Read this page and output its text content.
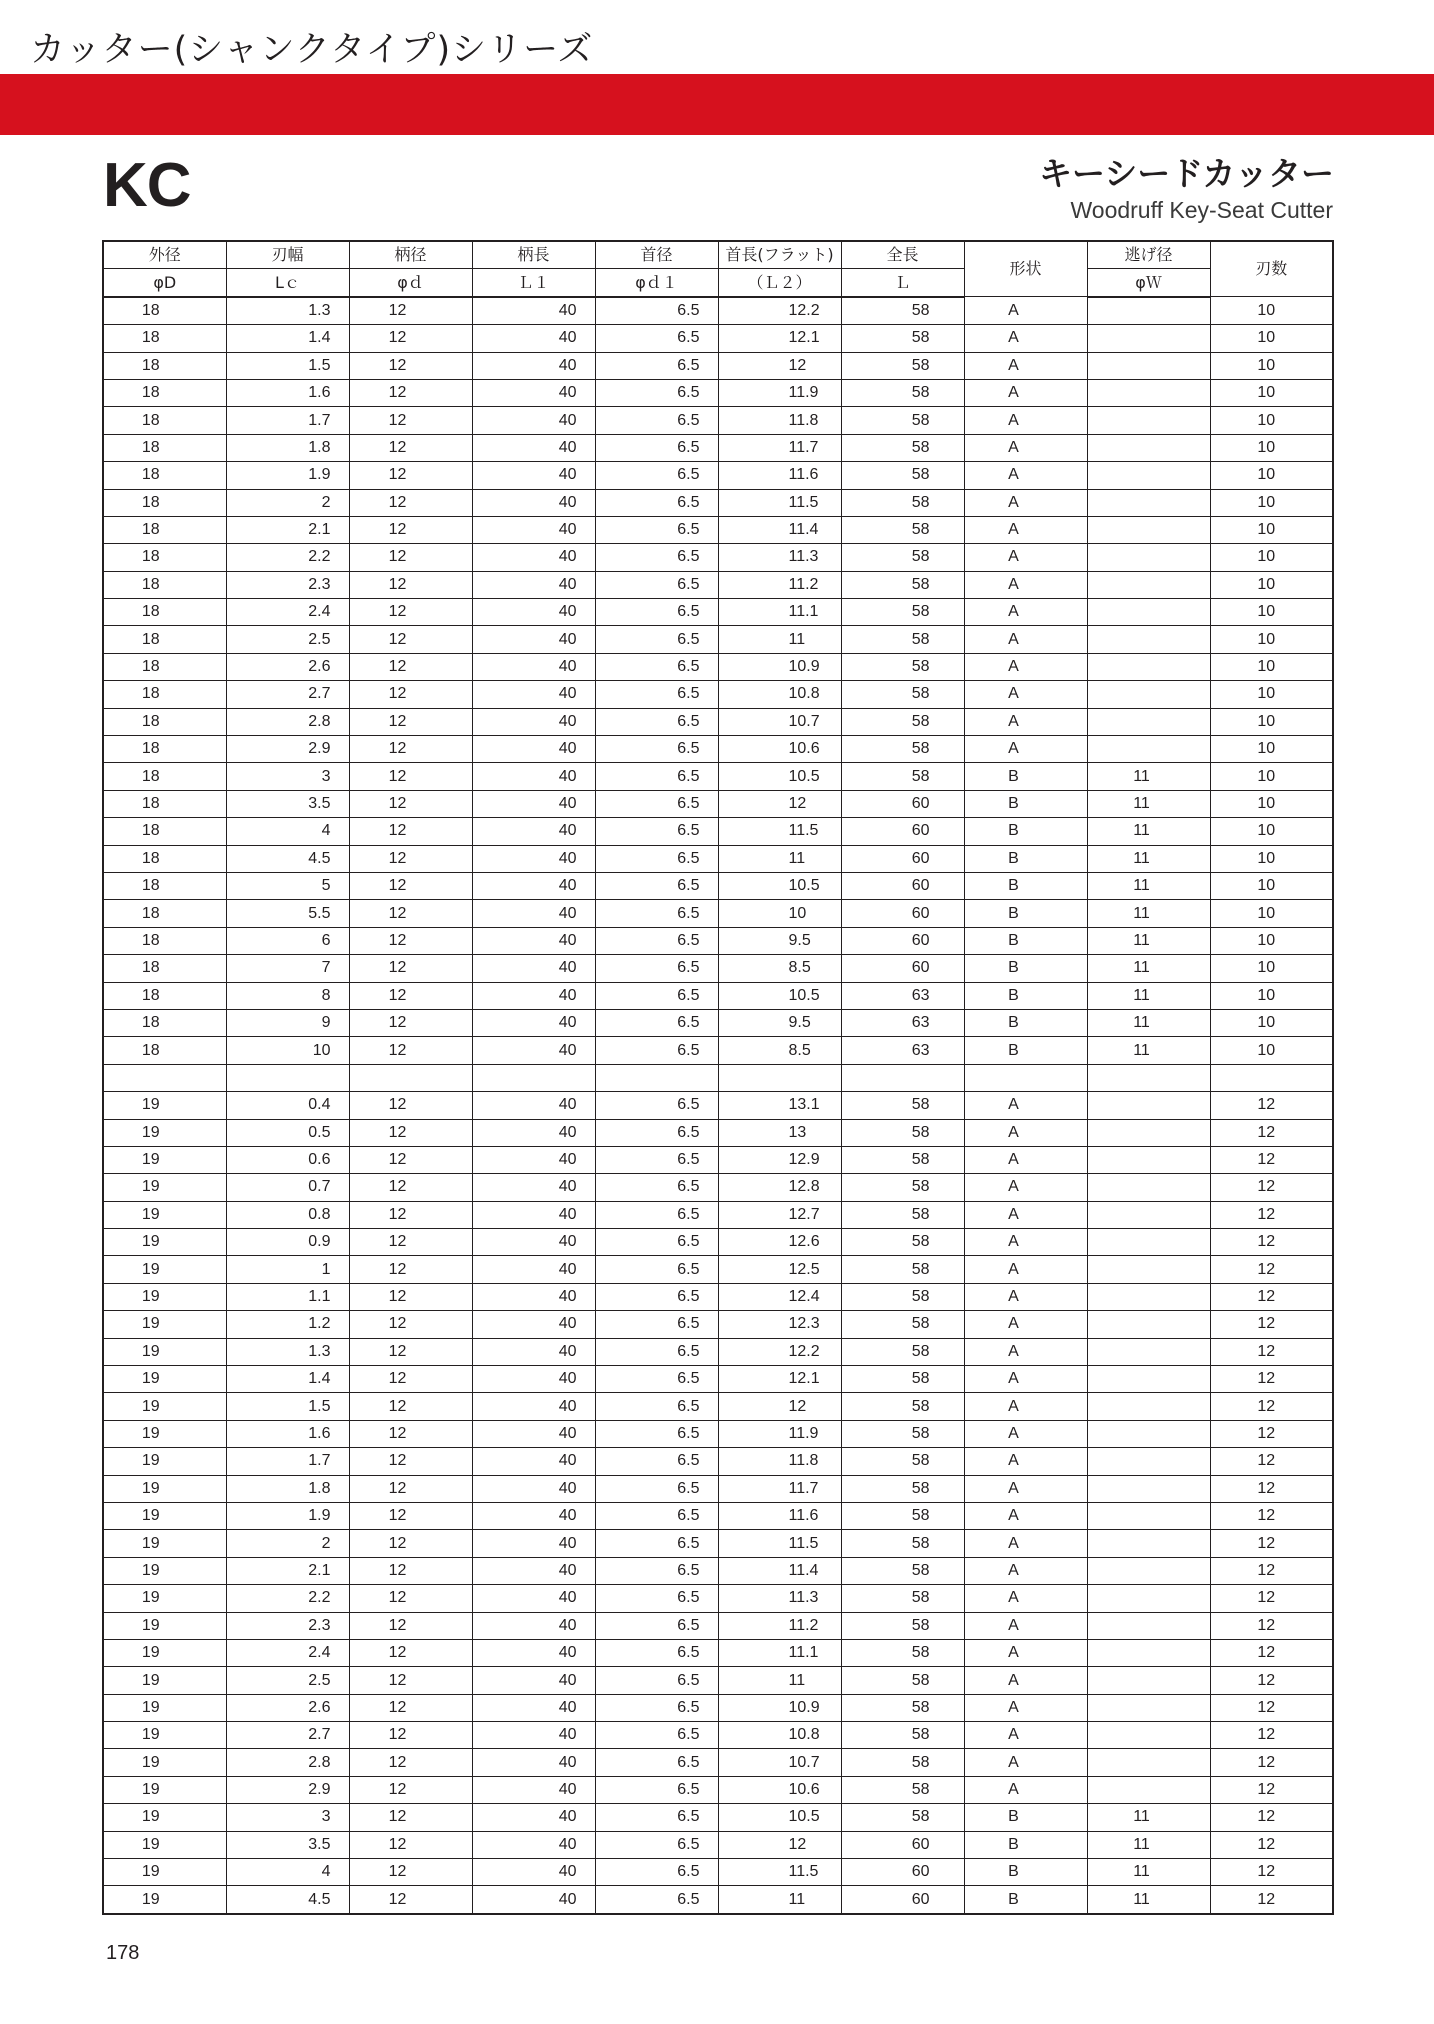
カッター(シャンクタイプ)シリーズ
KC	キーシードカッター
Woodruff Key-Seat Cutter
外径	刃幅	柄径	柄長	首径	首長(フラット)	全長	形状	逃げ径	刃数
φD	Lｃ	φｄ	Ｌ１	φｄ１	（Ｌ２）	Ｌ		φＷ	
18	1.3	12	40	6.5	12.2	58	A		10
18	1.4	12	40	6.5	12.1	58	A		10
18	1.5	12	40	6.5	12	58	A		10
18	1.6	12	40	6.5	11.9	58	A		10
18	1.7	12	40	6.5	11.8	58	A		10
18	1.8	12	40	6.5	11.7	58	A		10
18	1.9	12	40	6.5	11.6	58	A		10
18	2	12	40	6.5	11.5	58	A		10
18	2.1	12	40	6.5	11.4	58	A		10
18	2.2	12	40	6.5	11.3	58	A		10
18	2.3	12	40	6.5	11.2	58	A		10
18	2.4	12	40	6.5	11.1	58	A		10
18	2.5	12	40	6.5	11	58	A		10
18	2.6	12	40	6.5	10.9	58	A		10
18	2.7	12	40	6.5	10.8	58	A		10
18	2.8	12	40	6.5	10.7	58	A		10
18	2.9	12	40	6.5	10.6	58	A		10
18	3	12	40	6.5	10.5	58	B	11	10
18	3.5	12	40	6.5	12	60	B	11	10
18	4	12	40	6.5	11.5	60	B	11	10
18	4.5	12	40	6.5	11	60	B	11	10
18	5	12	40	6.5	10.5	60	B	11	10
18	5.5	12	40	6.5	10	60	B	11	10
18	6	12	40	6.5	9.5	60	B	11	10
18	7	12	40	6.5	8.5	60	B	11	10
18	8	12	40	6.5	10.5	63	B	11	10
18	9	12	40	6.5	9.5	63	B	11	10
18	10	12	40	6.5	8.5	63	B	11	10

19	0.4	12	40	6.5	13.1	58	A		12
19	0.5	12	40	6.5	13	58	A		12
19	0.6	12	40	6.5	12.9	58	A		12
19	0.7	12	40	6.5	12.8	58	A		12
19	0.8	12	40	6.5	12.7	58	A		12
19	0.9	12	40	6.5	12.6	58	A		12
19	1	12	40	6.5	12.5	58	A		12
19	1.1	12	40	6.5	12.4	58	A		12
19	1.2	12	40	6.5	12.3	58	A		12
19	1.3	12	40	6.5	12.2	58	A		12
19	1.4	12	40	6.5	12.1	58	A		12
19	1.5	12	40	6.5	12	58	A		12
19	1.6	12	40	6.5	11.9	58	A		12
19	1.7	12	40	6.5	11.8	58	A		12
19	1.8	12	40	6.5	11.7	58	A		12
19	1.9	12	40	6.5	11.6	58	A		12
19	2	12	40	6.5	11.5	58	A		12
19	2.1	12	40	6.5	11.4	58	A		12
19	2.2	12	40	6.5	11.3	58	A		12
19	2.3	12	40	6.5	11.2	58	A		12
19	2.4	12	40	6.5	11.1	58	A		12
19	2.5	12	40	6.5	11	58	A		12
19	2.6	12	40	6.5	10.9	58	A		12
19	2.7	12	40	6.5	10.8	58	A		12
19	2.8	12	40	6.5	10.7	58	A		12
19	2.9	12	40	6.5	10.6	58	A		12
19	3	12	40	6.5	10.5	58	B	11	12
19	3.5	12	40	6.5	12	60	B	11	12
19	4	12	40	6.5	11.5	60	B	11	12
19	4.5	12	40	6.5	11	60	B	11	12
178
